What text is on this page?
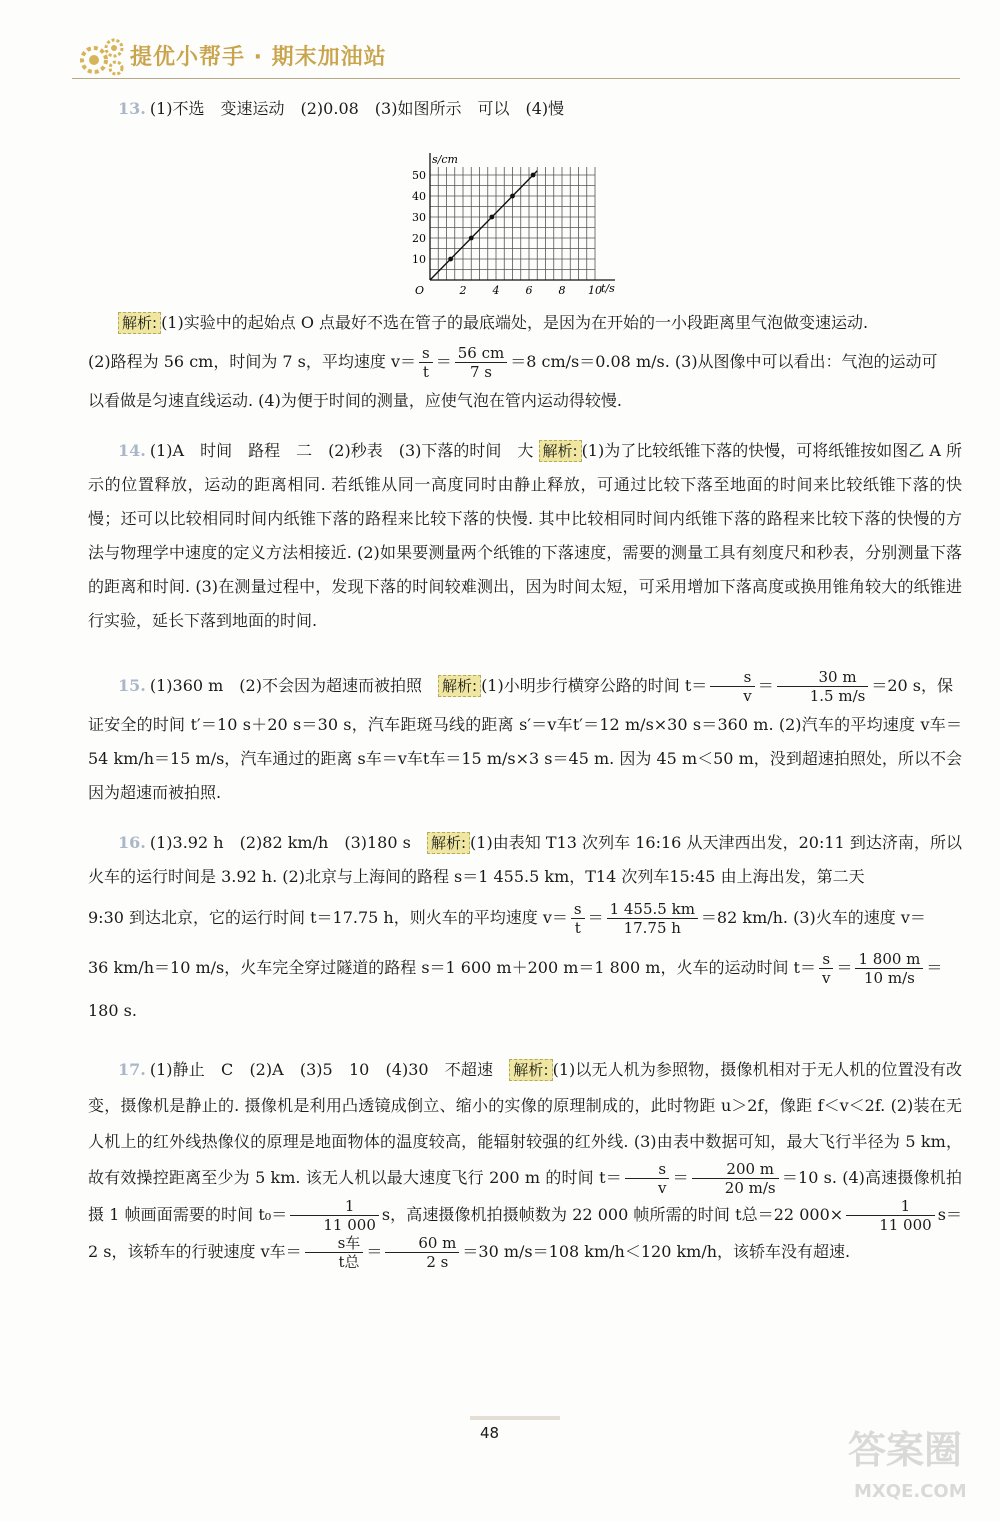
提优小帮手 · 期末加油站
13. (1)不选　变速运动　(2)0.08　(3)如图所示　可以　(4)慢
2 4 6 8 10
10
20
30
40
50
O
s/cm
t/s
解析: (1)实验中的起始点 O 点最好不选在管子的最底端处，是因为在开始的一小段距离里气泡做变速运动.
(2)路程为 56 cm，时间为 7 s，平均速度 $v= \frac{s}{t} = \frac{56 cm}{7 s} =8$ cm/s＝0.08 m/s. (3)从图像中可以看出：气泡的运动可
以看做是匀速直线运动. (4)为便于时间的测量，应使气泡在管内运动得较慢.
14. (1)A　时间　路程　二　(2)秒表　(3)下落的时间　大 解析: (1)为了比较纸锥下落的快慢，可将纸锥按如图乙 A 所示的位置释放，运动的距离相同. 若纸锥从同一高度同时由静止释放，可通过比较下落至地面的时间来比较纸锥下落的快慢；还可以比较相同时间内纸锥下落的路程来比较下落的快慢. 其中比较相同时间内纸锥下落的路程来比较下落的快慢的方法与物理学中速度的定义方法相接近. (2)如果要测量两个纸锥的下落速度，需要的测量工具有刻度尺和秒表，分别测量下落的距离和时间. (3)在测量过程中，发现下落的时间较难测出，因为时间太短，可采用增加下落高度或换用锥角较大的纸锥进行实验，延长下落到地面的时间.
15. (1)360 m　(2)不会因为超速而被拍照　 解析: (1)小明步行横穿公路的时间 $t= \frac{s}{v} = \frac{30 m}{1.5 m/s} =20$ s，保
证安全的时间 t′＝10 s＋20 s＝30 s，汽车距斑马线的距离 s′＝v车t′＝12 m/s×30 s＝360 m. (2)汽车的平均速度 v车＝54 km/h＝15 m/s，汽车通过的距离 s车＝v车t车＝15 m/s×3 s＝45 m. 因为 45 m＜50 m，没到超速拍照处，所以不会因为超速而被拍照.
16. (1)3.92 h　(2)82 km/h　(3)180 s　 解析: (1)由表知 T13 次列车 16:16 从天津西出发，20:11 到达济南，所以火车的运行时间是 3.92 h. (2)北京与上海间的路程 s＝1 455.5 km，T14 次列车15:45 由上海出发，第二天
9:30 到达北京，它的运行时间 t＝17.75 h，则火车的平均速度 $v= \frac{s}{t} = \frac{1 455.5 km}{17.75 h} =82$ km/h. (3)火车的速度 v＝
36 km/h＝10 m/s，火车完全穿过隧道的路程 s＝1 600 m＋200 m＝1 800 m，火车的运动时间 $t= \frac{s}{v} = \frac{1 800 m}{10 m/s}$ ＝
180 s.
17. (1)静止　C　(2)A　(3)5　10　(4)30　不超速　 解析: (1)以无人机为参照物，摄像机相对于无人机的位置没有改变，摄像机是静止的. 摄像机是利用凸透镜成倒立、缩小的实像的原理制成的，此时物距 u＞2f，像距 f＜v＜2f. (2)装在无人机上的红外线热像仪的原理是地面物体的温度较高，能辐射较强的红外线. (3)由表中数据可知，最大飞行半径为 5 km，故有效操控距离至少为 5 km. 该无人机以最大速度飞行 200 m 的时间 $t= \frac{s}{v} = \frac{200 m}{20 m/s} =10$ s. (4)高速摄像机拍摄 1 帧画面需要的时间 $t_0= \frac{1}{11 000}$ s，高速摄像机拍摄帧数为 22 000 帧所需的时间 t总＝22 $000\times \frac{1}{11 000} s=2$ s，该轿车的行驶速度 v车＝ $\frac{\text{s车}}{\text{t总}} = \frac{60 m}{2 s} =30$ m/s＝108 km/h＜120 km/h，该轿车没有超速.
48	答案圈
MXQE.COM
